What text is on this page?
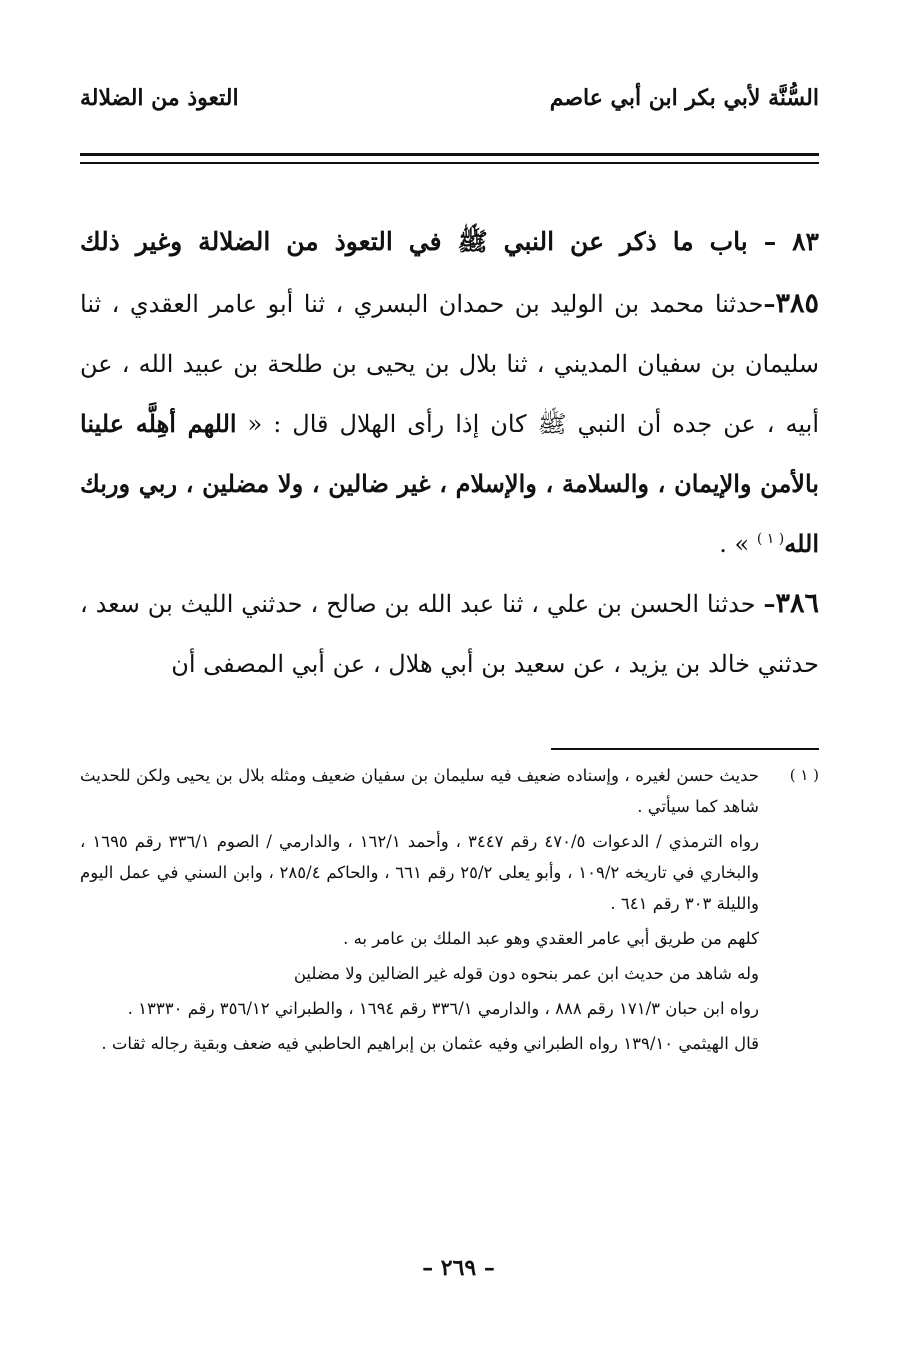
السُّنَّة لأبي بكر ابن أبي عاصم
التعوذ من الضلالة

٨٣ – باب ما ذكر عن النبي ﷺ في التعوذ من الضلالة وغير ذلك

٣٨٥–حدثنا محمد بن الوليد بن حمدان البسري ، ثنا أبو عامر العقدي ، ثنا سليمان بن سفيان المديني ، ثنا بلال بن يحيى بن طلحة بن عبيد الله ، عن أبيه ، عن جده أن النبي ﷺ كان إذا رأى الهلال قال : « اللهم أهِلَّه علينا بالأمن والإيمان ، والسلامة ، والإسلام ، غير ضالين ، ولا مضلين ، ربي وربك الله$^{( ١ )}$ » .

٣٨٦– حدثنا الحسن بن علي ، ثنا عبد الله بن صالح ، حدثني الليث بن سعد ، حدثني خالد بن يزيد ، عن سعيد بن أبي هلال ، عن أبي المصفى أن

( ١ )

حديث حسن لغيره ، وإسناده ضعيف فيه سليمان بن سفيان ضعيف ومثله بلال بن يحيى ولكن للحديث شاهد كما سيأتي .

رواه الترمذي / الدعوات ٤٧٠/٥ رقم ٣٤٤٧ ، وأحمد ١٦٢/١ ، والدارمي / الصوم ٣٣٦/١ رقم ١٦٩٥ ، والبخاري في تاريخه ١٠٩/٢ ، وأبو يعلى ٢٥/٢ رقم ٦٦١ ، والحاكم ٢٨٥/٤ ، وابن السني في عمل اليوم والليلة ٣٠٣ رقم ٦٤١ .

كلهم من طريق أبي عامر العقدي وهو عبد الملك بن عامر به .

وله شاهد من حديث ابن عمر بنحوه دون قوله غير الضالين ولا مضلين

رواه ابن حبان ١٧١/٣ رقم ٨٨٨ ، والدارمي ٣٣٦/١ رقم ١٦٩٤ ، والطبراني ٣٥٦/١٢ رقم ١٣٣٣٠ .

قال الهيثمي ١٣٩/١٠ رواه الطبراني وفيه عثمان بن إبراهيم الحاطبي فيه ضعف وبقية رجاله ثقات .

– ٢٦٩ –
